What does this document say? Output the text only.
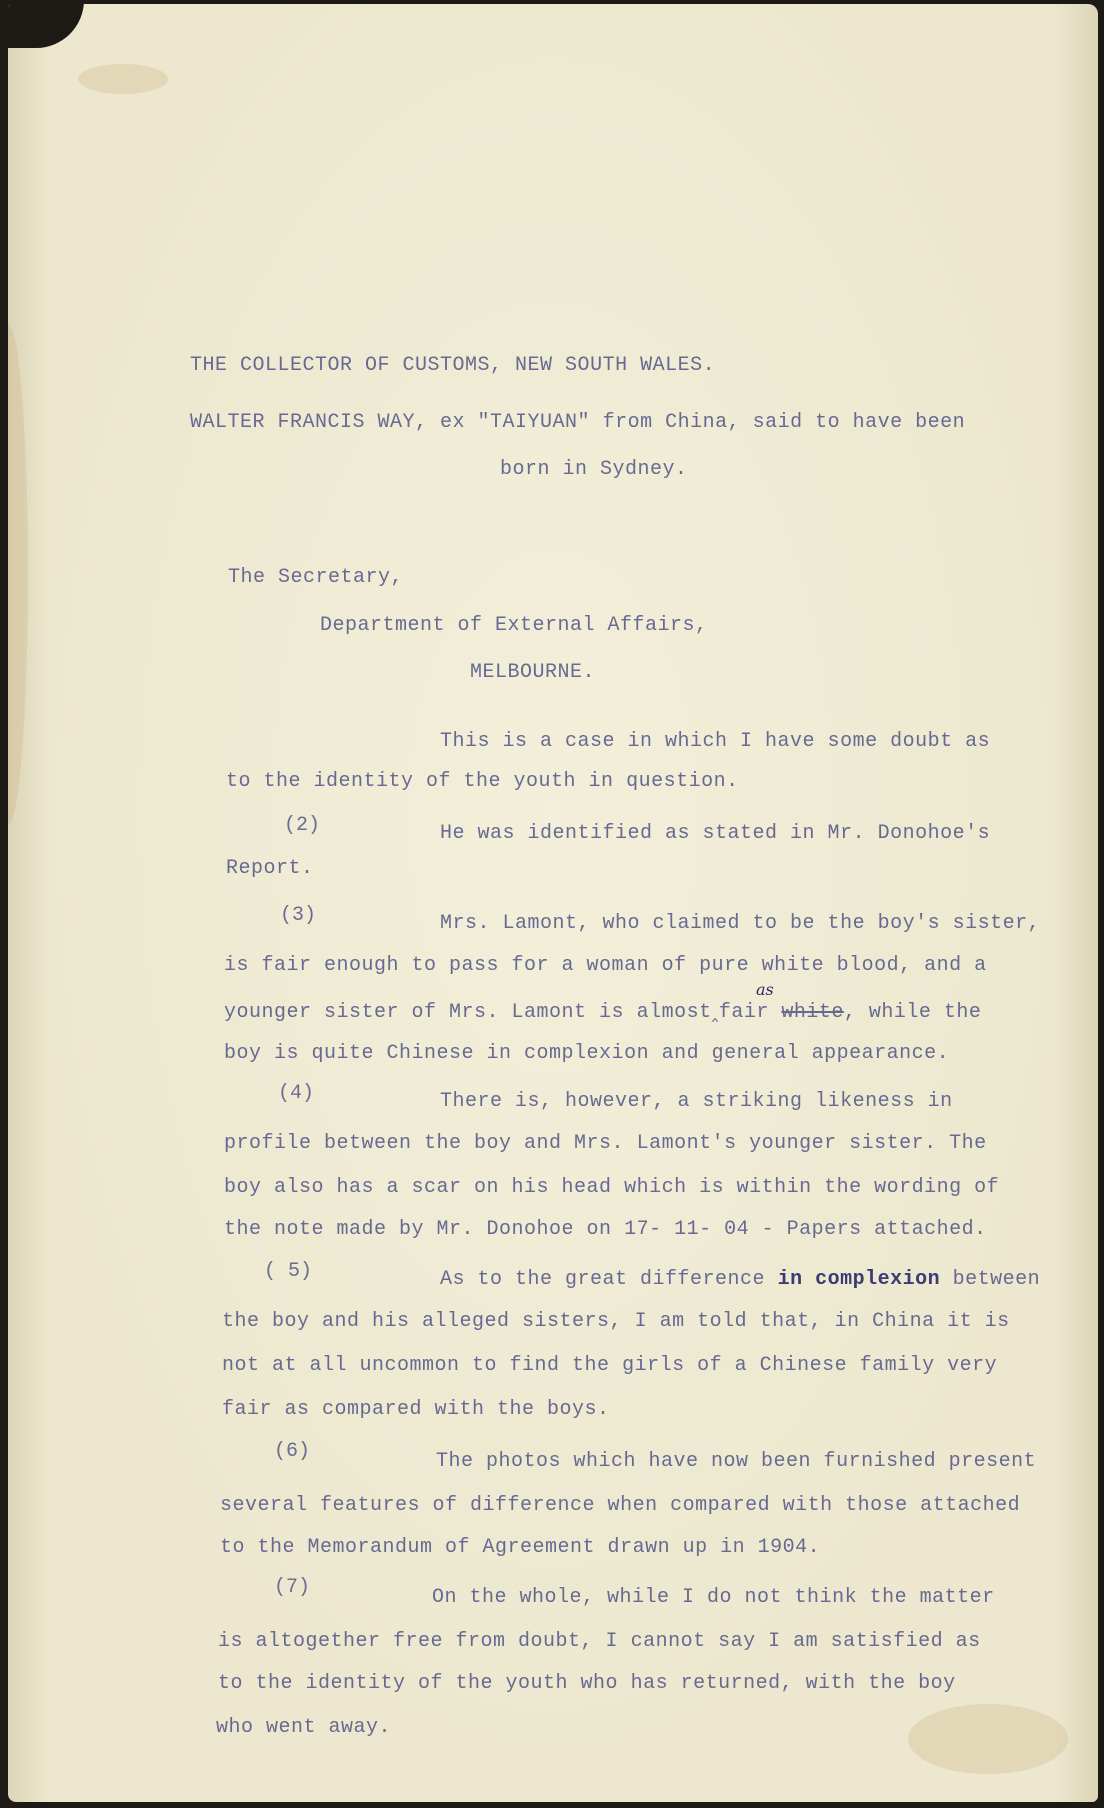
THE COLLECTOR OF CUSTOMS, NEW SOUTH WALES.

WALTER FRANCIS WAY, ex "TAIYUAN" from China, said to have been

born in Sydney.

The Secretary,

Department of External Affairs,

MELBOURNE.

This is a case in which I have some doubt as

to the identity of the youth in question.

(2)	He was identified as stated in Mr. Donohoe's

Report.

(3)	Mrs. Lamont, who claimed to be the boy's sister,

is fair enough to pass for a woman of pure white blood, and a

younger sister of Mrs. Lamont is almost‸fair white, while the

as

boy is quite Chinese in complexion and general appearance.

(4)	There is, however, a striking likeness in

profile between the boy and Mrs. Lamont's younger sister. The

boy also has a scar on his head which is within the wording of

the note made by Mr. Donohoe on 17- 11- 04 - Papers attached.

( 5)	As to the great difference in complexion between

the boy and his alleged sisters, I am told that, in China it is

not at all uncommon to find the girls of a Chinese family very

fair as compared with the boys.

(6)	The photos which have now been furnished present

several features of difference when compared with those attached

to the Memorandum of Agreement drawn up in 1904.

(7)	On the whole, while I do not think the matter

is altogether free from doubt, I cannot say I am satisfied as

to the identity of the youth who has returned, with the boy

who went away.
